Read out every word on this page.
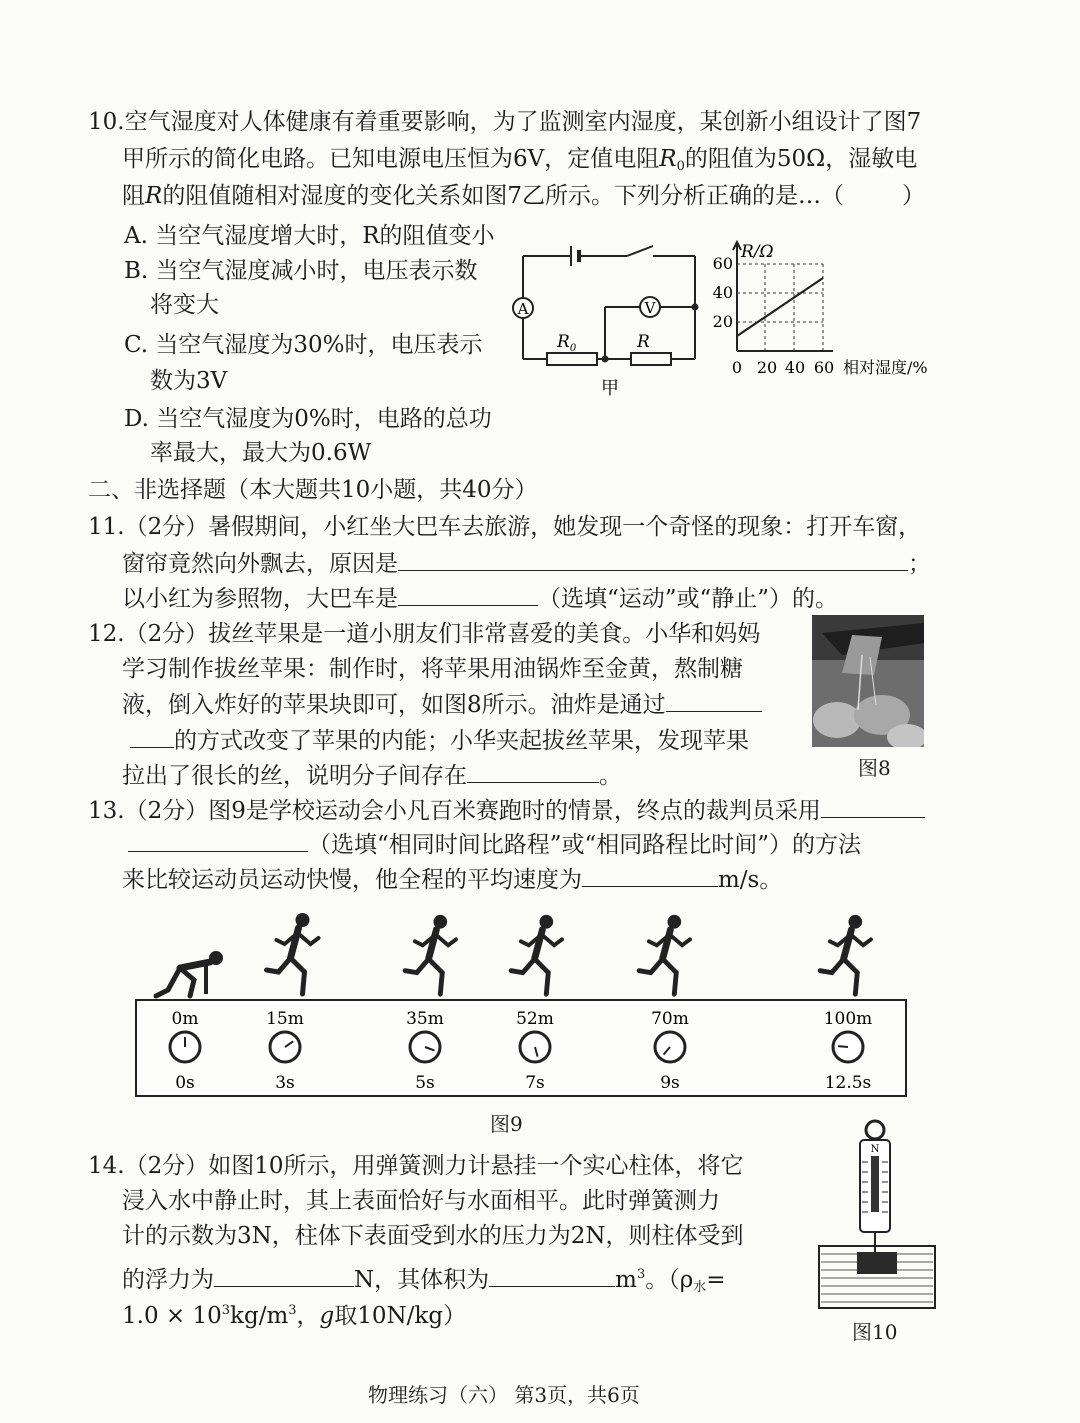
10.空气湿度对人体健康有着重要影响，为了监测室内湿度，某创新小组设计了图7
甲所示的简化电路。已知电源电压恒为6V，定值电阻$R_0$的阻值为50Ω，湿敏电
阻R的阻值随相对湿度的变化关系如图7乙所示。下列分析正确的是…（	）
A. 当空气湿度增大时，R的阻值变小
B. 当空气湿度减小时，电压表示数
将变大
C. 当空气湿度为30%时，电压表示
数为3V
D. 当空气湿度为0%时，电路的总功
率最大，最大为0.6W
A	V
$R_0$	R
甲
R/Ω
60
40
20
0 20 40 60 相对湿度/%
二、非选择题（本大题共10小题，共40分）
11.（2分）暑假期间，小红坐大巴车去旅游，她发现一个奇怪的现象：打开车窗，
窗帘竟然向外飘去，原因是	；
以小红为参照物，大巴车是	（选填“运动”或“静止”）的。
12.（2分）拔丝苹果是一道小朋友们非常喜爱的美食。小华和妈妈
学习制作拔丝苹果：制作时，将苹果用油锅炸至金黄，熬制糖
液，倒入炸好的苹果块即可，如图8所示。油炸是通过
的方式改变了苹果的内能；小华夹起拔丝苹果，发现苹果
拉出了很长的丝，说明分子间存在	。	图8
13.（2分）图9是学校运动会小凡百米赛跑时的情景，终点的裁判员采用
（选填“相同时间比路程”或“相同路程比时间”）的方法
来比较运动员运动快慢，他全程的平均速度为	m/s。
0m
0s
15m
3s
35m
5s
52m
7s
70m
9s
100m
12.5s
图9
14.（2分）如图10所示，用弹簧测力计悬挂一个实心柱体，将它
浸入水中静止时，其上表面恰好与水面相平。此时弹簧测力
计的示数为3N，柱体下表面受到水的压力为2N，则柱体受到
的浮力为	N，其体积为	$m^3$。（$\rho_水=$
$1.0 \times 10^3kg/m^3$，g取10N/kg）
N
图10
物理练习（六） 第3页，共6页
